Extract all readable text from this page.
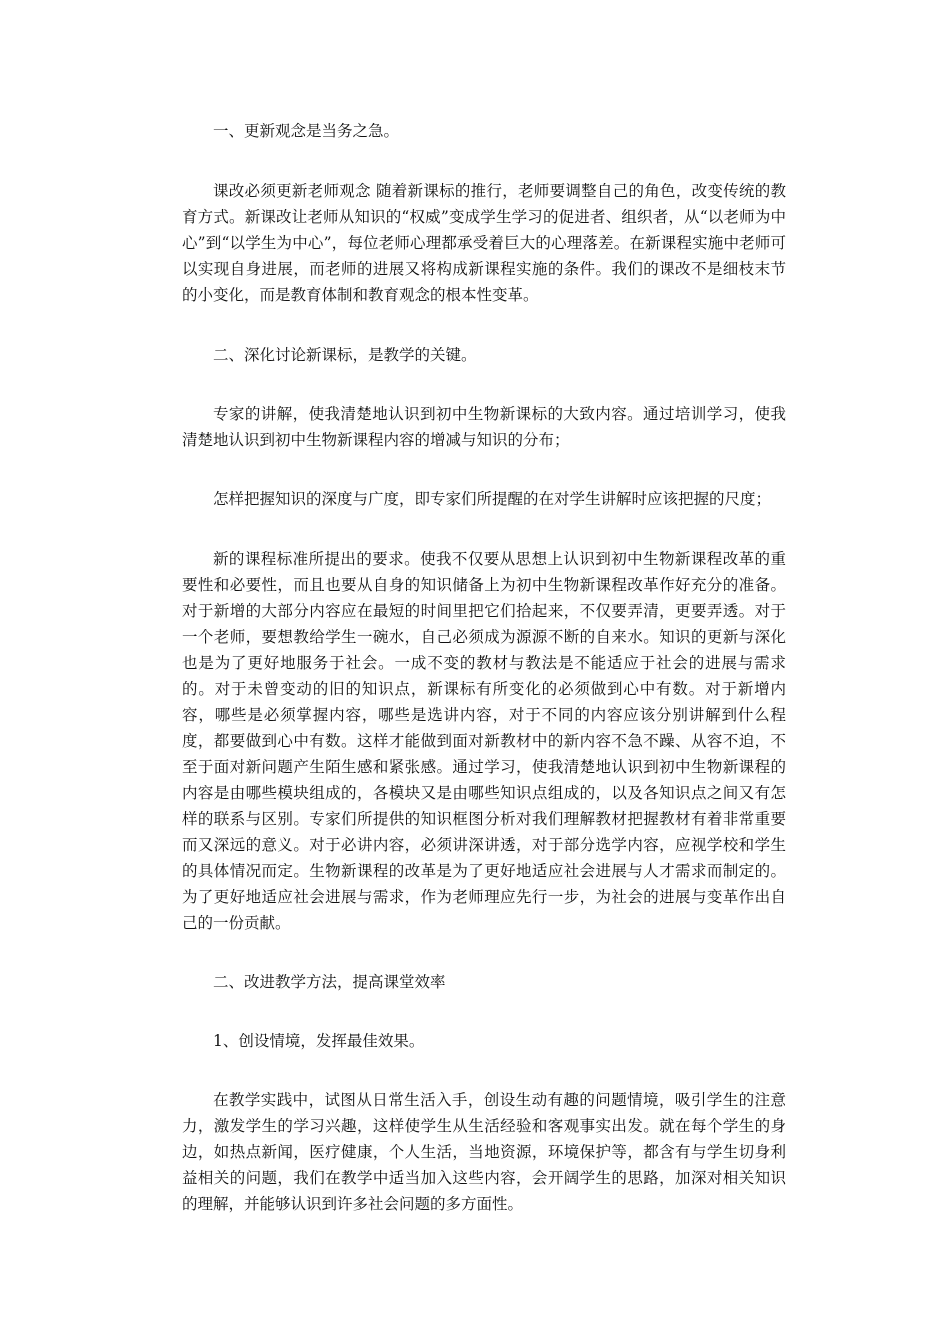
一、更新观念是当务之急。

课改必须更新老师观念 随着新课标的推行，老师要调整自己的角色，改变传统的教育方式。新课改让老师从知识的“权威”变成学生学习的促进者、组织者，从“以老师为中心”到“以学生为中心”，每位老师心理都承受着巨大的心理落差。在新课程实施中老师可以实现自身进展，而老师的进展又将构成新课程实施的条件。我们的课改不是细枝末节的小变化，而是教育体制和教育观念的根本性变革。

二、深化讨论新课标，是教学的关键。

专家的讲解，使我清楚地认识到初中生物新课标的大致内容。通过培训学习，使我清楚地认识到初中生物新课程内容的增减与知识的分布；

怎样把握知识的深度与广度，即专家们所提醒的在对学生讲解时应该把握的尺度；

新的课程标准所提出的要求。使我不仅要从思想上认识到初中生物新课程改革的重要性和必要性，而且也要从自身的知识储备上为初中生物新课程改革作好充分的准备。对于新增的大部分内容应在最短的时间里把它们拾起来，不仅要弄清，更要弄透。对于一个老师，要想教给学生一碗水，自己必须成为源源不断的自来水。知识的更新与深化也是为了更好地服务于社会。一成不变的教材与教法是不能适应于社会的进展与需求的。对于未曾变动的旧的知识点，新课标有所变化的必须做到心中有数。对于新增内容，哪些是必须掌握内容，哪些是选讲内容，对于不同的内容应该分别讲解到什么程度，都要做到心中有数。这样才能做到面对新教材中的新内容不急不躁、从容不迫，不至于面对新问题产生陌生感和紧张感。通过学习，使我清楚地认识到初中生物新课程的内容是由哪些模块组成的，各模块又是由哪些知识点组成的，以及各知识点之间又有怎样的联系与区别。专家们所提供的知识框图分析对我们理解教材把握教材有着非常重要而又深远的意义。对于必讲内容，必须讲深讲透，对于部分选学内容，应视学校和学生的具体情况而定。生物新课程的改革是为了更好地适应社会进展与人才需求而制定的。为了更好地适应社会进展与需求，作为老师理应先行一步，为社会的进展与变革作出自己的一份贡献。

二、改进教学方法，提高课堂效率

1、创设情境，发挥最佳效果。

在教学实践中，试图从日常生活入手，创设生动有趣的问题情境，吸引学生的注意力，激发学生的学习兴趣，这样使学生从生活经验和客观事实出发。就在每个学生的身边，如热点新闻，医疗健康，个人生活，当地资源，环境保护等，都含有与学生切身利益相关的问题，我们在教学中适当加入这些内容，会开阔学生的思路，加深对相关知识的理解，并能够认识到许多社会问题的多方面性。
